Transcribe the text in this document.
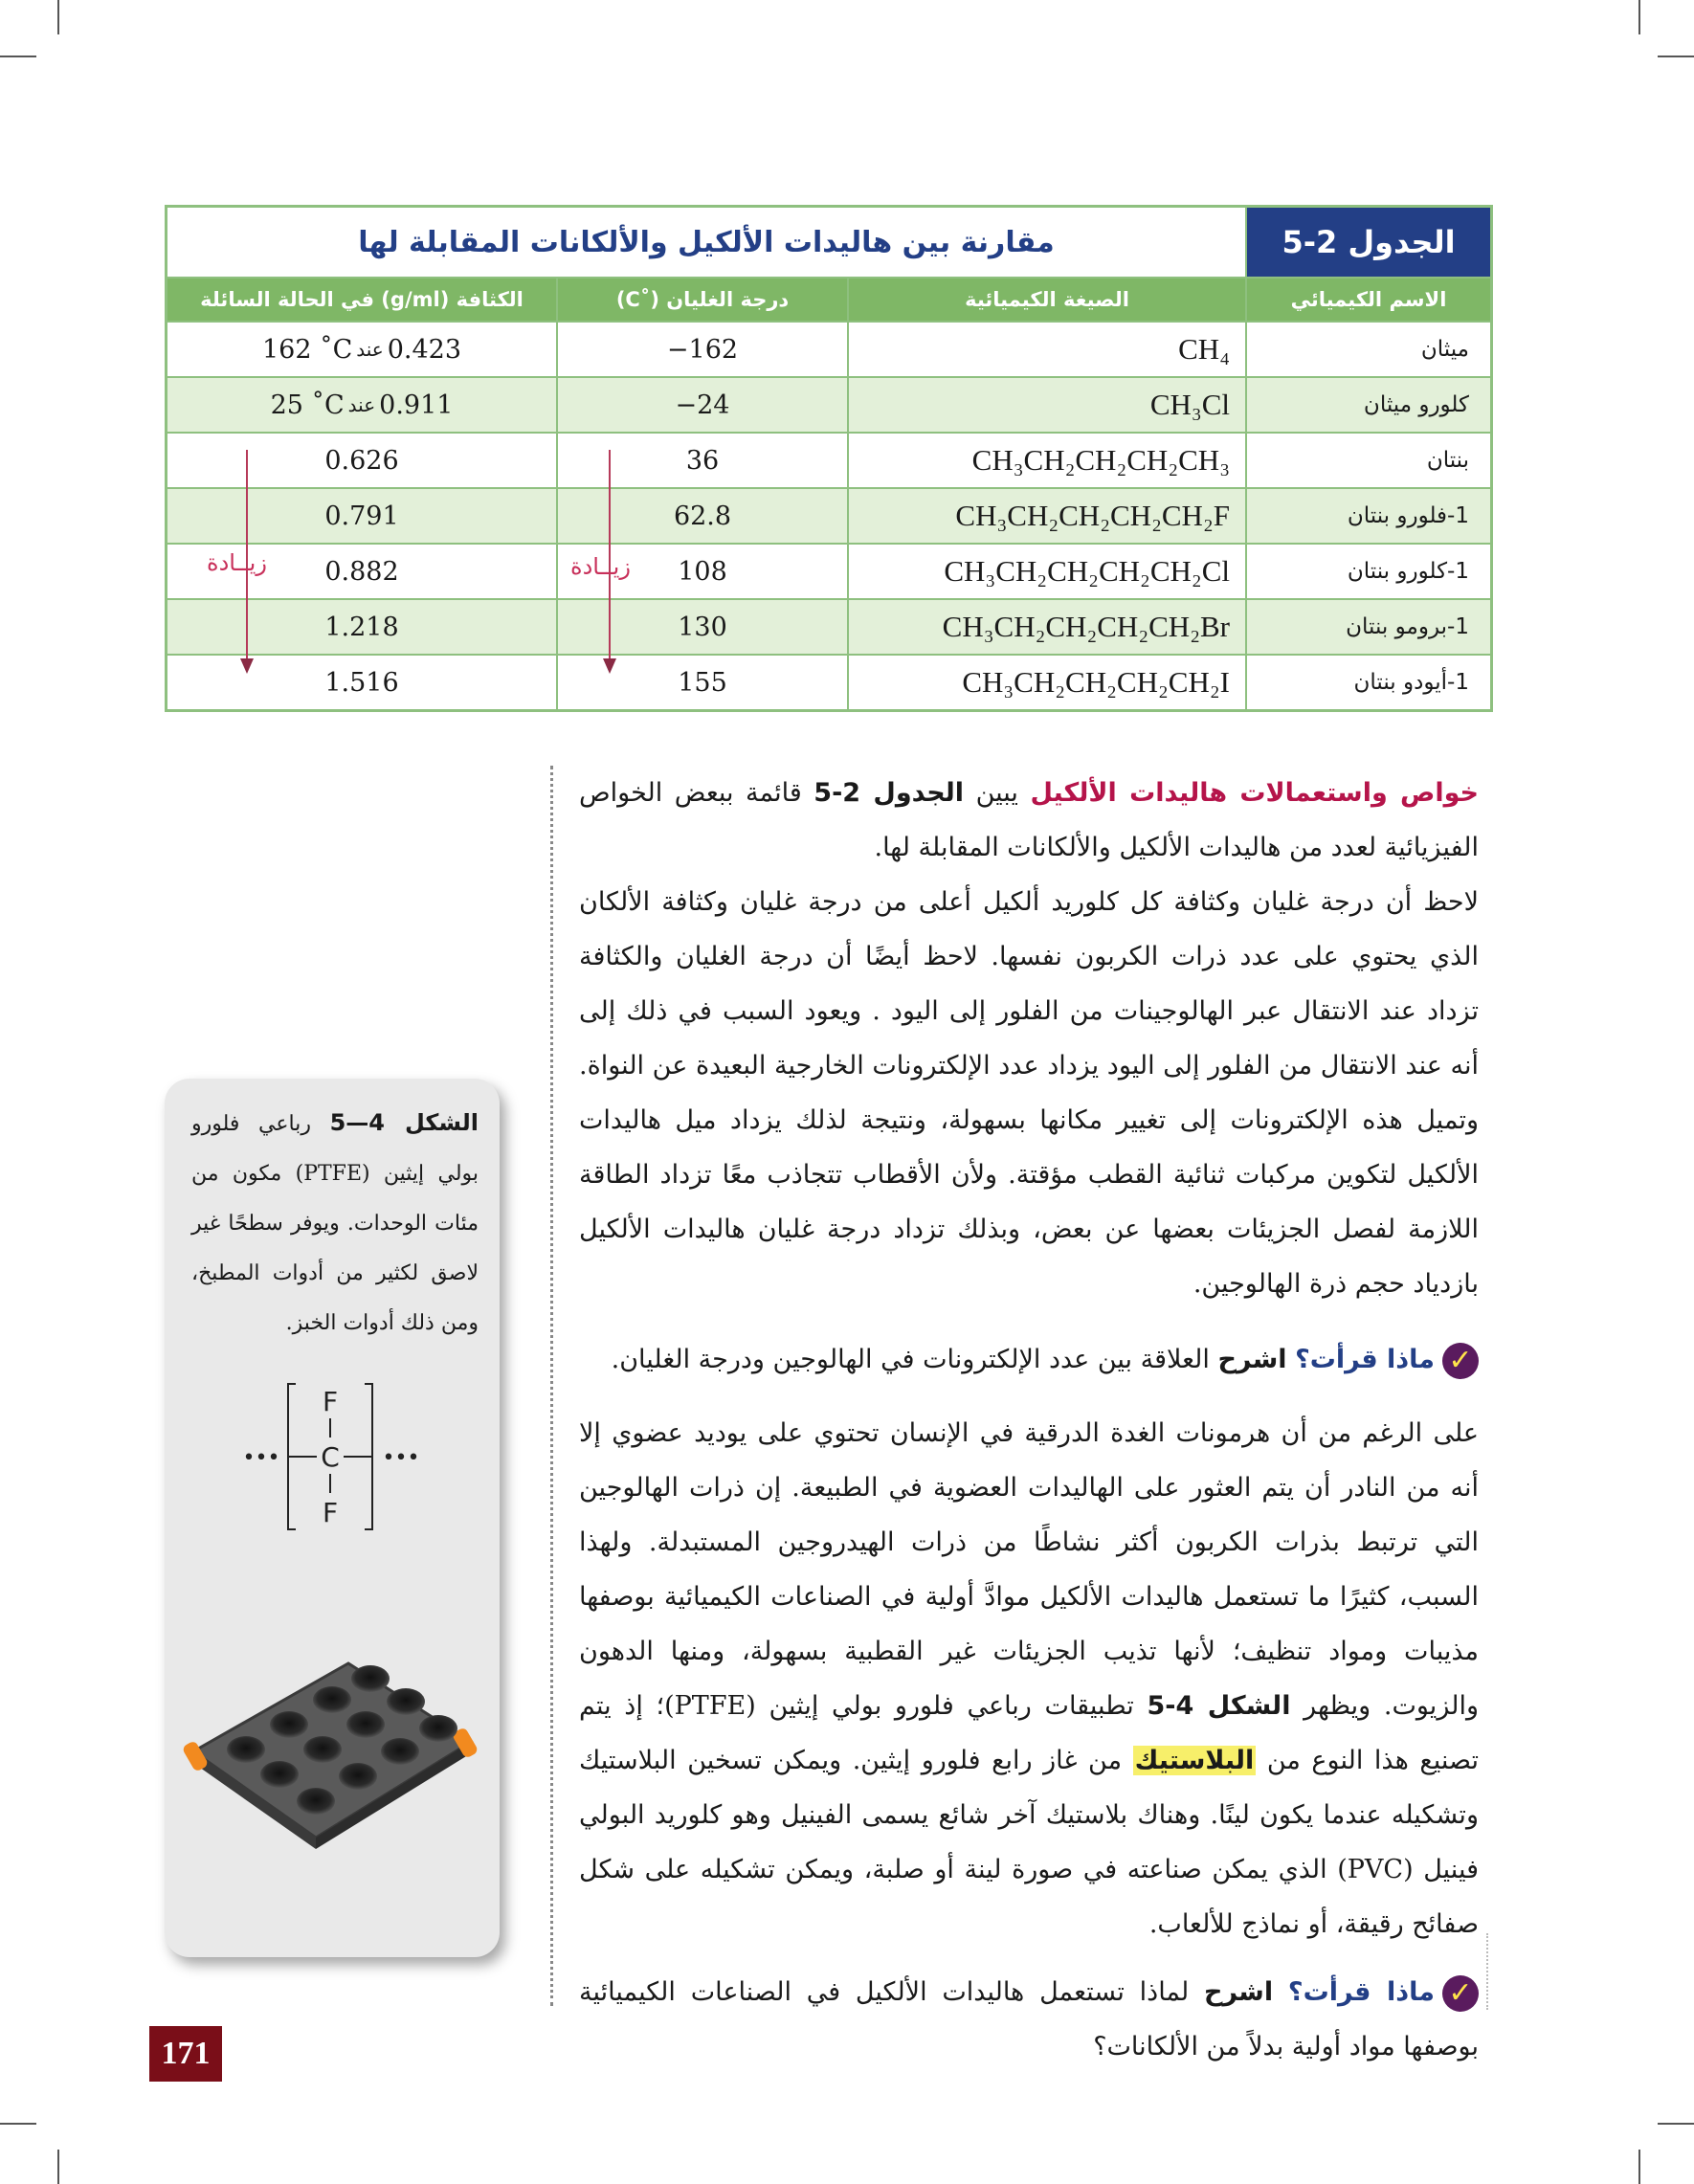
الجدول 2-5
مقارنة بين هاليدات الألكيل والألكانات المقابلة لها
الاسم الكيميائي
الصيغة الكيميائية
درجة الغليان (˚C)
الكثافة (g/ml) في الحالة السائلة
ميثان
CH₄
−162
0.423
عند
162 ˚C
كلورو ميثان
CH₃Cl
−24
0.911
عند
25 ˚C
بنتان
CH₃CH₂CH₂CH₂CH₃
36
0.626
1-فلورو بنتان
CH₃CH₂CH₂CH₂CH₂F
62.8
0.791
1-كلورو بنتان
CH₃CH₂CH₂CH₂CH₂Cl
108
0.882
1-برومو بنتان
CH₃CH₂CH₂CH₂CH₂Br
130
1.218
1-أيودو بنتان
CH₃CH₂CH₂CH₂CH₂I
155
1.516
زيــادة	زيــادة

خواص واستعمالات هاليدات الألكيل يبين الجدول 2-5 قائمة ببعض الخواص الفيزيائية لعدد من هاليدات الألكيل والألكانات المقابلة لها.

لاحظ أن درجة غليان وكثافة كل كلوريد ألكيل أعلى من درجة غليان وكثافة الألكان الذي يحتوي على عدد ذرات الكربون نفسها. لاحظ أيضًا أن درجة الغليان والكثافة تزداد عند الانتقال عبر الهالوجينات من الفلور إلى اليود . ويعود السبب في ذلك إلى أنه عند الانتقال من الفلور إلى اليود يزداد عدد الإلكترونات الخارجية البعيدة عن النواة. وتميل هذه الإلكترونات إلى تغيير مكانها بسهولة، ونتيجة لذلك يزداد ميل هاليدات الألكيل لتكوين مركبات ثنائية القطب مؤقتة. ولأن الأقطاب تتجاذب معًا تزداد الطاقة اللازمة لفصل الجزيئات بعضها عن بعض، وبذلك تزداد درجة غليان هاليدات الألكيل بازدياد حجم ذرة الهالوجين.

✓ماذا قرأت؟ اشرح العلاقة بين عدد الإلكترونات في الهالوجين ودرجة الغليان.

على الرغم من أن هرمونات الغدة الدرقية في الإنسان تحتوي على يوديد عضوي إلا أنه من النادر أن يتم العثور على الهاليدات العضوية في الطبيعة. إن ذرات الهالوجين التي ترتبط بذرات الكربون أكثر نشاطًا من ذرات الهيدروجين المستبدلة. ولهذا السبب، كثيرًا ما تستعمل هاليدات الألكيل موادَّ أولية في الصناعات الكيميائية بوصفها مذيبات ومواد تنظيف؛ لأنها تذيب الجزيئات غير القطبية بسهولة، ومنها الدهون والزيوت. ويظهر الشكل 4-5 تطبيقات رباعي فلورو بولي إيثين (PTFE)؛ إذ يتم تصنيع هذا النوع من البلاستيك من غاز رابع فلورو إيثين. ويمكن تسخين البلاستيك وتشكيله عندما يكون لينًا. وهناك بلاستيك آخر شائع يسمى الفينيل وهو كلوريد البولي فينيل (PVC) الذي يمكن صناعته في صورة لينة أو صلبة، ويمكن تشكيله على شكل صفائح رقيقة، أو نماذج للألعاب.

✓ماذا قرأت؟ اشرح لماذا تستعمل هاليدات الألكيل في الصناعات الكيميائية بوصفها مواد أولية بدلاً من الألكانات؟

الشكل 4—5 رباعي فلورو بولي إيثين (PTFE) مكون من مئات الوحدات. ويوفر سطحًا غير لاصق لكثير من أدوات المطبخ، ومن ذلك أدوات الخبز.
F
C
F
•••	•••
171
